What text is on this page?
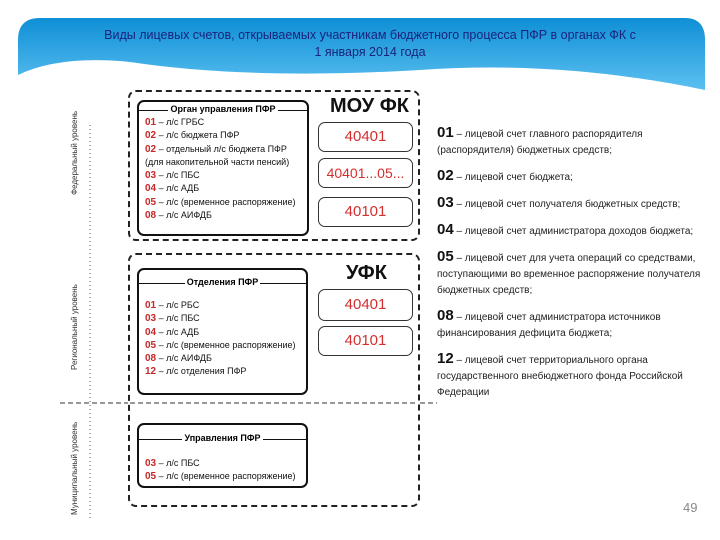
Виды лицевых счетов, открываемых участникам бюджетного процесса ПФР в органах ФК с 1 января 2014 года
Федеральный уровень
Региональный уровень
Муниципальный уровень
Орган управления ПФР
01 – л/с ГРБС
02 – л/с бюджета ПФР
02 – отдельный л/с бюджета ПФР
(для накопительной части пенсий)
03 – л/с ПБС
04 – л/с АДБ
05 – л/с (временное распоряжение)
08 – л/с АИФДБ
МОУ ФК
40401
40401...05...
40101
Отделения ПФР
01 – л/с РБС
03 – л/с ПБС
04 – л/с АДБ
05 – л/с (временное распоряжение)
08 – л/с АИФДБ
12 – л/с отделения ПФР
УФК
40401
40101
Управления ПФР
03 – л/с ПБС
05 – л/с (временное распоряжение)
01 – лицевой счет главного распорядителя (распорядителя) бюджетных средств;
02 – лицевой счет бюджета;
03 – лицевой счет получателя бюджетных средств;
04 – лицевой счет администратора доходов бюджета;
05 – лицевой счет для учета операций со средствами, поступающими во временное распоряжение получателя бюджетных средств;
08 – лицевой счет администратора источников финансирования дефицита бюджета;
12 – лицевой счет территориального органа государственного внебюджетного фонда Российской Федерации
49
